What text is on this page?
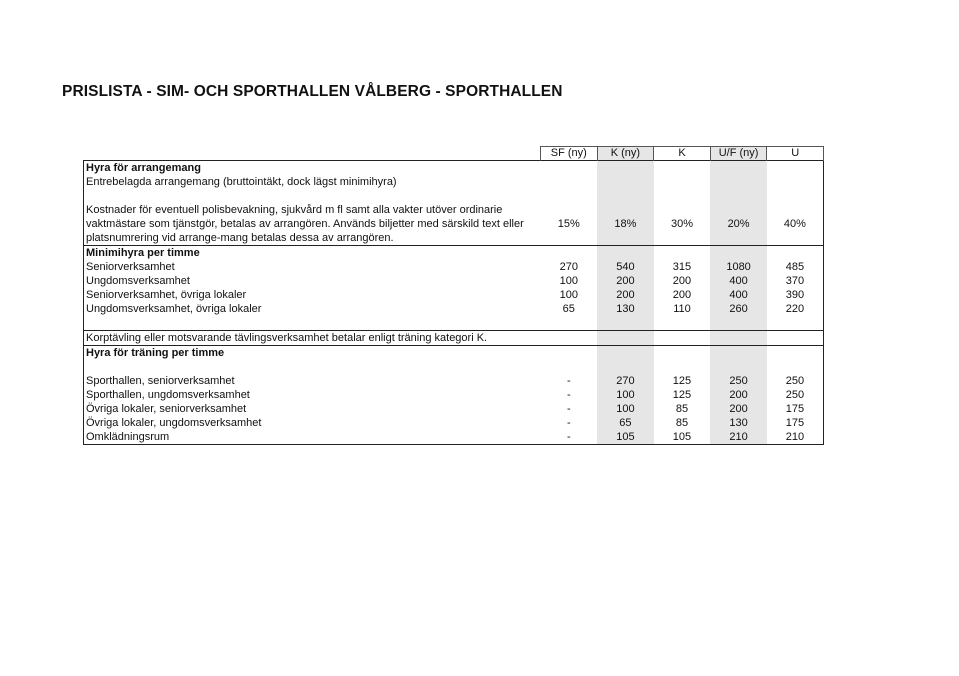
PRISLISTA - SIM- OCH SPORTHALLEN VÅLBERG - SPORTHALLEN
	SF (ny)	K (ny)	K	U/F (ny)	U
Hyra för arrangemang					
Entrebelagda arrangemang (bruttointäkt, dock lägst minimihyra)					

Kostnader för eventuell polisbevakning, sjukvård m fl samt alla vakter utöver ordinarie	15%	18%	30%	20%	40%
vaktmästare som tjänstgör, betalas av arrangören. Används biljetter med särskild text eller					
platsnumrering vid arrange-mang betalas dessa av arrangören.					
Minimihyra per timme					
Seniorverksamhet	270	540	315	1080	485
Ungdomsverksamhet	100	200	200	400	370
Seniorverksamhet, övriga lokaler	100	200	200	400	390
Ungdomsverksamhet, övriga lokaler	65	130	110	260	220

Korptävling eller motsvarande tävlingsverksamhet betalar enligt träning kategori K.					
Hyra för träning per timme					

Sporthallen, seniorverksamhet	-	270	125	250	250
Sporthallen, ungdomsverksamhet	-	100	125	200	250
Övriga lokaler, seniorverksamhet	-	100	85	200	175
Övriga lokaler, ungdomsverksamhet	-	65	85	130	175
Omklädningsrum	-	105	105	210	210
